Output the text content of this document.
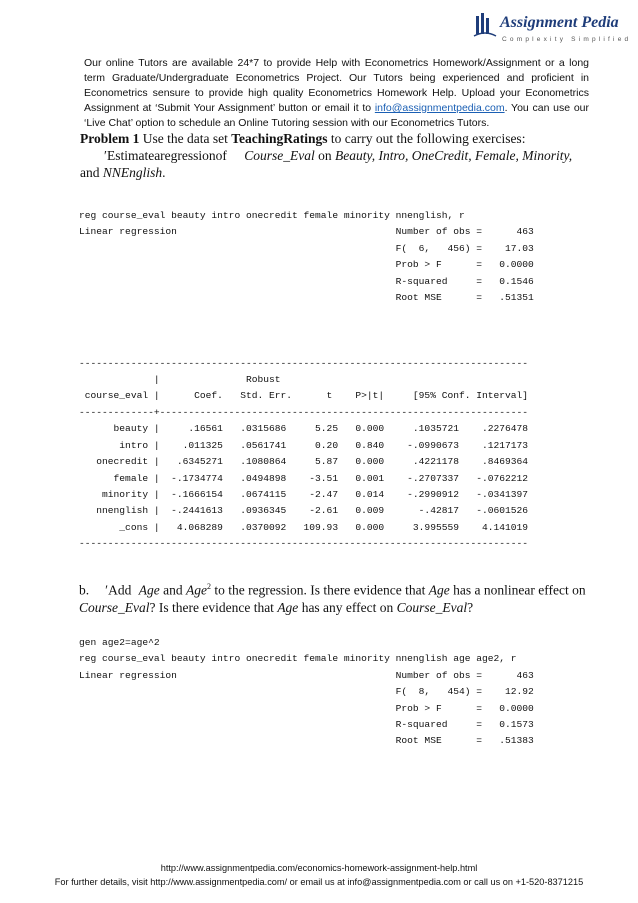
Assignment Pedia
Complexity Simplified
Our online Tutors are available 24*7 to provide Help with Econometrics Homework/Assignment or a long term Graduate/Undergraduate Econometrics Project. Our Tutors being experienced and proficient in Econometrics sensure to provide high quality Econometrics Homework Help. Upload your Econometrics Assignment at ‘Submit Your Assignment’ button or email it to info@assignmentpedia.com. You can use our ‘Live Chat’ option to schedule an Online Tutoring session with our Econometrics Tutors.
Problem 1 Use the data set TeachingRatings to carry out the following exercises:
′Estimatearegressionof Course_Eval on Beauty, Intro, OneCredit, Female, Minority,
and NNEnglish.
reg course_eval beauty intro onecredit female minority nnenglish, r
Linear regression                                      Number of obs =      463
F(  6,   456) =    17.03
Prob > F      =   0.0000
R-squared     =   0.1546
Root MSE      =   .51351

------------------------------------------------------------------------------
|               Robust
course_eval |      Coef.   Std. Err.      t    P>|t|     [95% Conf. Interval]
-------------+----------------------------------------------------------------
beauty |     .16561   .0315686     5.25   0.000     .1035721    .2276478
intro |    .011325   .0561741     0.20   0.840    -.0990673    .1217173
onecredit |   .6345271   .1080864     5.87   0.000     .4221178    .8469364
female |  -.1734774   .0494898    -3.51   0.001    -.2707337   -.0762212
minority |  -.1666154   .0674115    -2.47   0.014    -.2990912   -.0341397
nnenglish |  -.2441613   .0936345    -2.61   0.009      -.42817   -.0601526
_cons |   4.068289   .0370092   109.93   0.000     3.995559    4.141019
------------------------------------------------------------------------------
b. ′Add Age and Age$^2$ to the regression. Is there evidence that Age has a nonlinear effect on Course_Eval? Is there evidence that Age has any effect on Course_Eval?
gen age2=age^2
reg course_eval beauty intro onecredit female minority nnenglish age age2, r
Linear regression                                      Number of obs =      463
F(  8,   454) =    12.92
Prob > F      =   0.0000
R-squared     =   0.1573
Root MSE      =   .51383
http://www.assignmentpedia.com/economics-homework-assignment-help.html
For further details, visit http://www.assignmentpedia.com/ or email us at info@assignmentpedia.com or call us on +1-520-8371215
